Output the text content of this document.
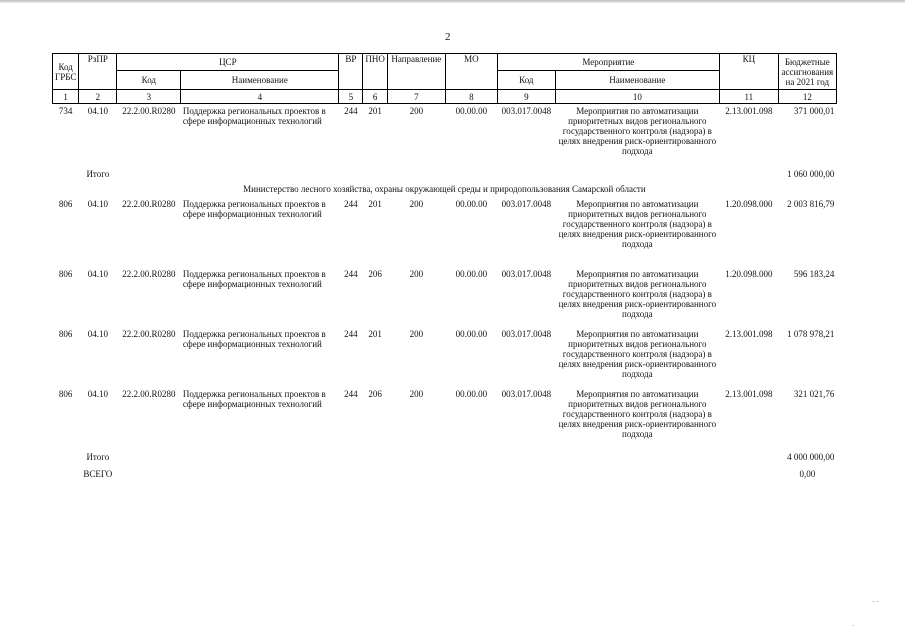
2
Код ГРБС	РзПР	ЦСР		ВР	ПНО	Направление	МО	Мероприятие		КЦ	Бюджетные ассигнования на 2021 год
		Код	Наименование					Код	Наименование		
1	2	3	4	5	6	7	8	9	10	11	12
734	04.10	22.2.00.R0280	Поддержка региональных проектов в сфере информационных технологий	244	201	200	00.00.00	003.017.0048	Мероприятия по автоматизации приоритетных видов регионального государственного контроля (надзора) в целях внедрения риск-ориентированного подхода	2.13.001.098	371 000,01
	Итого										1 060 000,00
Министерство лесного хозяйства, охраны окружающей среды и природопользования Самарской области											
806	04.10	22.2.00.R0280	Поддержка региональных проектов в сфере информационных технологий	244	201	200	00.00.00	003.017.0048	Мероприятия по автоматизации приоритетных видов регионального государственного контроля (надзора) в целях внедрения риск-ориентированного подхода	1.20.098.000	2 003 816,79
806	04.10	22.2.00.R0280	Поддержка региональных проектов в сфере информационных технологий	244	206	200	00.00.00	003.017.0048	Мероприятия по автоматизации приоритетных видов регионального государственного контроля (надзора) в целях внедрения риск-ориентированного подхода	1.20.098.000	596 183,24
806	04.10	22.2.00.R0280	Поддержка региональных проектов в сфере информационных технологий	244	201	200	00.00.00	003.017.0048	Мероприятия по автоматизации приоритетных видов регионального государственного контроля (надзора) в целях внедрения риск-ориентированного подхода	2.13.001.098	1 078 978,21
806	04.10	22.2.00.R0280	Поддержка региональных проектов в сфере информационных технологий	244	206	200	00.00.00	003.017.0048	Мероприятия по автоматизации приоритетных видов регионального государственного контроля (надзора) в целях внедрения риск-ориентированного подхода	2.13.001.098	321 021,76
	Итого										4 000 000,00
	ВСЕГО										0,00
· ·
·
